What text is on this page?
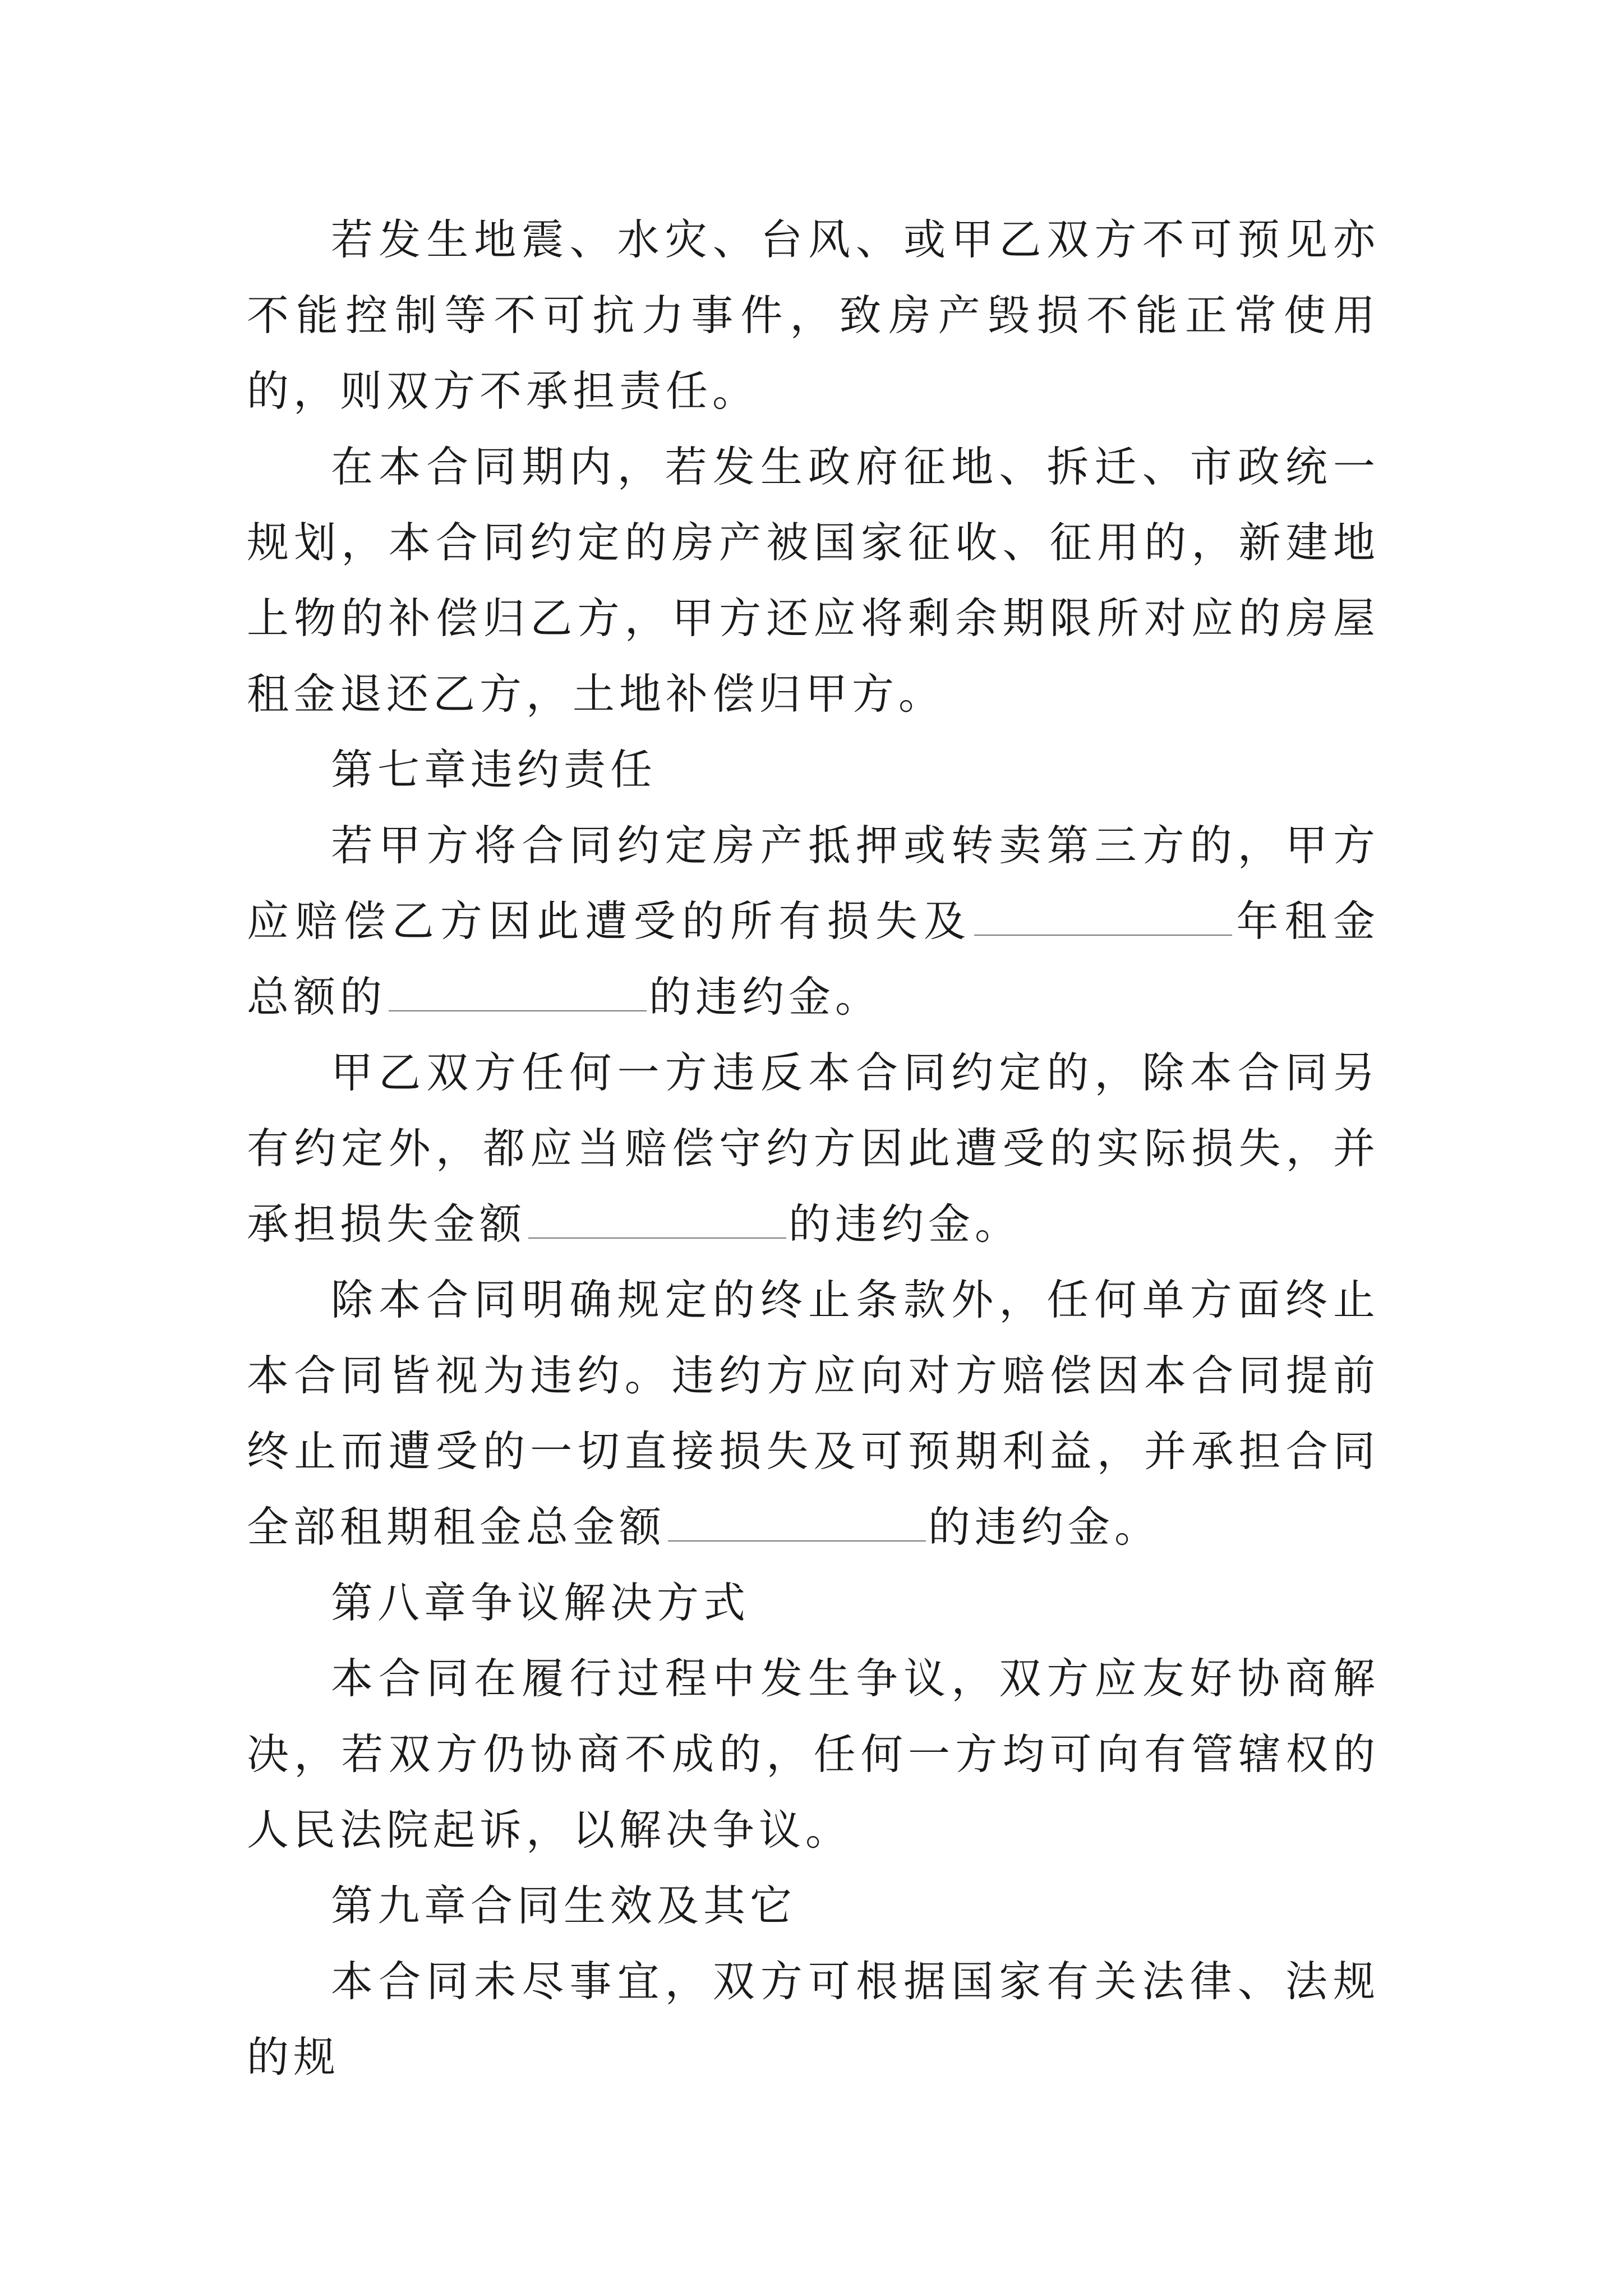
若发生地震、水灾、台风、或甲乙双方不可预见亦不能控制等不可抗力事件，致房产毁损不能正常使用的，则双方不承担责任。

在本合同期内，若发生政府征地、拆迁、市政统一规划，本合同约定的房产被国家征收、征用的，新建地上物的补偿归乙方，甲方还应将剩余期限所对应的房屋租金退还乙方，土地补偿归甲方。

第七章违约责任

若甲方将合同约定房产抵押或转卖第三方的，甲方应赔偿乙方因此遭受的所有损失及	年租金总额的	的违约金。

甲乙双方任何一方违反本合同约定的，除本合同另有约定外，都应当赔偿守约方因此遭受的实际损失，并承担损失金额	的违约金。

除本合同明确规定的终止条款外，任何单方面终止本合同皆视为违约。违约方应向对方赔偿因本合同提前终止而遭受的一切直接损失及可预期利益，并承担合同全部租期租金总金额	的违约金。

第八章争议解决方式

本合同在履行过程中发生争议，双方应友好协商解决，若双方仍协商不成的，任何一方均可向有管辖权的人民法院起诉，以解决争议。

第九章合同生效及其它

本合同未尽事宜，双方可根据国家有关法律、法规的规
